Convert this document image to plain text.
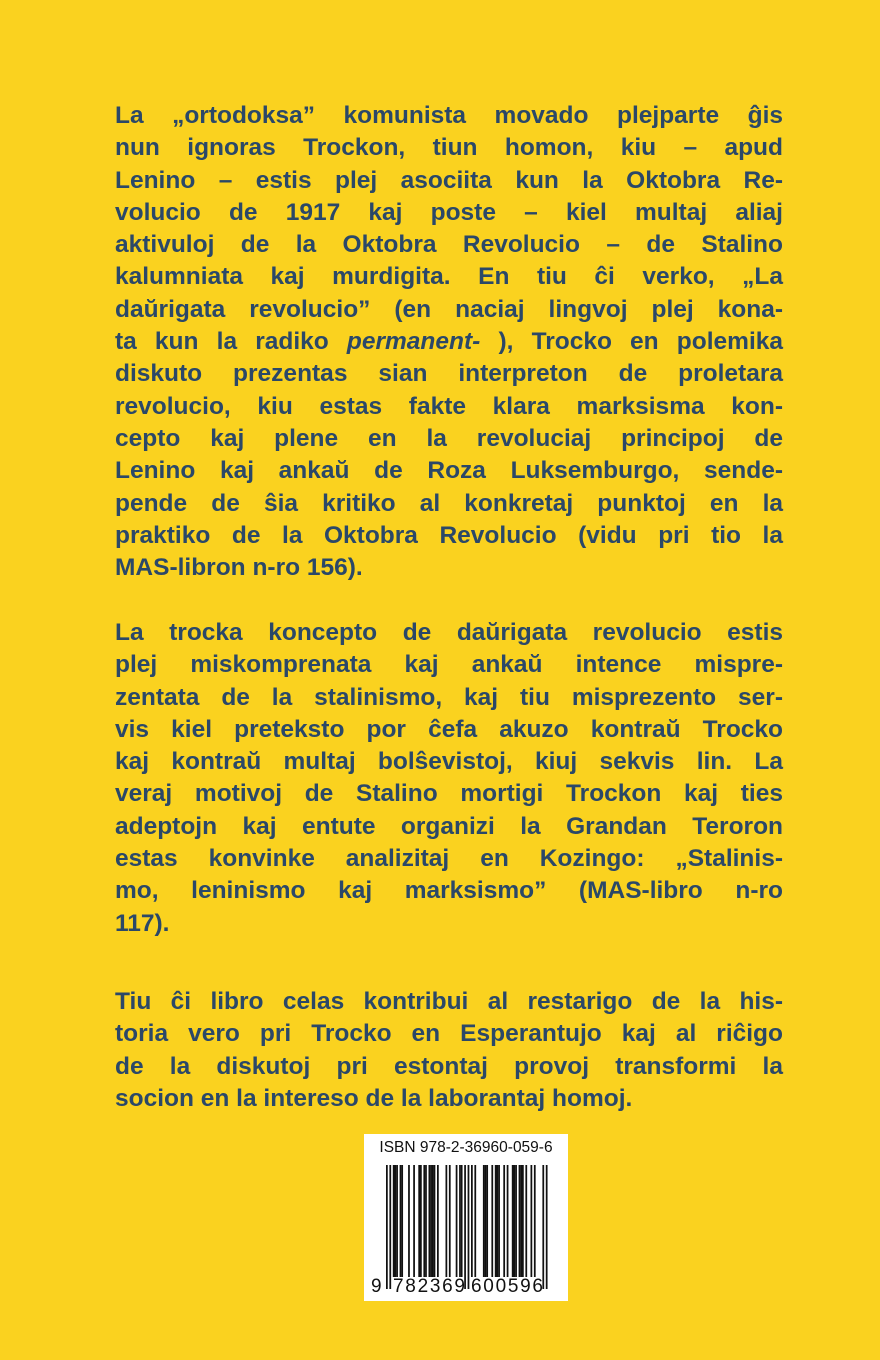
La „ortodoksa” komunista movado plejparte ĝis
nun ignoras Trockon, tiun homon, kiu – apud
Lenino – estis plej asociita kun la Oktobra Re-
volucio de 1917 kaj poste – kiel multaj aliaj
aktivuloj de la Oktobra Revolucio – de Stalino
kalumniata kaj murdigita. En tiu ĉi verko, „La
daŭrigata revolucio” (en naciaj lingvoj plej kona-
ta kun la radiko permanent- ), Trocko en polemika
diskuto prezentas sian interpreton de proletara
revolucio, kiu estas fakte klara marksisma kon-
cepto kaj plene en la revoluciaj principoj de
Lenino kaj ankaŭ de Roza Luksemburgo, sende-
pende de ŝia kritiko al konkretaj punktoj en la
praktiko de la Oktobra Revolucio (vidu pri tio la
MAS-libron n-ro 156).
La trocka koncepto de daŭrigata revolucio estis
plej miskomprenata kaj ankaŭ intence mispre-
zentata de la stalinismo, kaj tiu misprezento ser-
vis kiel preteksto por ĉefa akuzo kontraŭ Trocko
kaj kontraŭ multaj bolŝevistoj, kiuj sekvis lin. La
veraj motivoj de Stalino mortigi Trockon kaj ties
adeptojn kaj entute organizi la Grandan Teroron
estas konvinke analizitaj en Kozingo: „Stalinis-
mo, leninismo kaj marksismo” (MAS-libro n-ro
117).
Tiu ĉi libro celas kontribui al restarigo de la his-
toria vero pri Trocko en Esperantujo kaj al riĉigo
de la diskutoj pri estontaj provoj transformi la
socion en la intereso de la laborantaj homoj.
9 782369 600596
ISBN 978-2-36960-059-6
